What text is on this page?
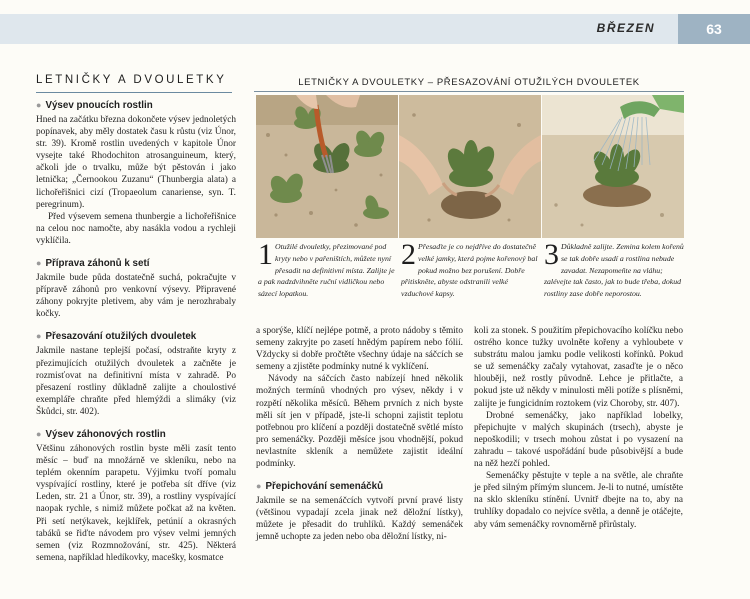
BŘEZEN	63
LETNIČKY A DVOULETKY
● Výsev pnoucích rostlin

Hned na začátku března dokončete výsev jednoletých popínavek, aby měly dostatek času k růstu (viz Únor, str. 39). Kromě rostlin uvedených v kapitole Únor vysejte také Rhodochiton atrosanguineum, který, ačkoli jde o trvalku, může být pěstován i jako letnička; „Černookou Zuzanu“ (Thunbergia alata) a lichořeřišnici cizí (Tropaeolum canariense, syn. T. peregrinum).

Před výsevem semena thunbergie a lichořeřišnice na celou noc namočte, aby nasákla vodou a rychleji vyklíčila.

● Příprava záhonů k setí

Jakmile bude půda dostatečně suchá, pokračujte v přípravě záhonů pro venkovní výsevy. Připravené záhony pokryjte pletivem, aby vám je nerozhrabaly kočky.

● Přesazování otužilých dvouletek

Jakmile nastane teplejší počasí, odstraňte kryty z přezimujících otužilých dvouletek a začněte je rozmisťovat na definitivní místa v zahradě. Po přesazení rostliny důkladně zalijte a choulostivé exempláře chraňte před hlemýždi a slimáky (viz Škůdci, str. 402).

● Výsev záhonových rostlin

Většinu záhonových rostlin byste měli zasít tento měsíc – buď na množárně ve skleníku, nebo na teplém okenním parapetu. Výjimku tvoří pomalu vyspívající rostliny, které je potřeba sít dříve (viz Leden, str. 21 a Únor, str. 39), a rostliny vyspívající naopak rychle, s nimiž můžete počkat až na květen. Při setí netýkavek, kejklířek, petúnií a okrasných tabáků se řiďte návodem pro výsev velmi jemných semen (viz Rozmnožování, str. 425). Některá semena, například hledíkovky, macešky, kosmatce

LETNIČKY A DVOULETKY – PŘESAZOVÁNÍ OTUŽILÝCH DVOULETEK
1 Otužilé dvouletky, přezimované pod kryty nebo v pařeništích, můžete nyní přesadit na definitivní místa. Zalijte je a pak nadzdvihněte ruční vidličkou nebo sázecí lopatkou.
2 Přesaďte je co nejdříve do dostatečně velké jamky, která pojme kořenový bal pokud možno bez porušení. Dobře přitiskněte, abyste odstranili velké vzduchové kapsy.
3 Důkladně zalijte. Zemina kolem kořenů se tak dobře usadí a rostlina nebude zavadat. Nezapomeňte na vláhu; zalévejte tak často, jak to bude třeba, dokud rostliny zase dobře neporostou.

a sporýše, klíčí nejlépe potmě, a proto nádoby s těmito semeny zakryjte po zasetí hnědým papírem nebo fólií. Vždycky si dobře pročtěte všechny údaje na sáčcích se semeny a zjistěte podmínky nutné k vyklíčení.

Návody na sáčcích často nabízejí hned několik možných termínů vhodných pro výsev, někdy i v rozpětí několika měsíců. Během prvních z nich byste měli sít jen v případě, jste-li schopni zajistit teplotu potřebnou pro klíčení a později dostatečně světlé místo pro semenáčky. Později měsíce jsou vhodnější, pokud nevlastníte skleník a nemůžete zajistit ideální podmínky.

● Přepichování semenáčků

Jakmile se na semenáčcích vytvoří první pravé listy (většinou vypadají zcela jinak než děložní lístky), můžete je přesadit do truhlíků. Každý semenáček jemně uchopte za jeden nebo oba děložní lístky, ni-

koli za stonek. S použitím přepichovacího kolíčku nebo ostrého konce tužky uvolněte kořeny a vyhloubete v substrátu malou jamku podle velikosti kořínků. Pokud se už semenáčky začaly vytahovat, zasaďte je o něco hlouběji, než rostly původně. Lehce je přitlačte, a pokud jste už někdy v minulosti měli potíže s plísněmi, zalijte je fungicidním roztokem (viz Choroby, str. 407).

Drobné semenáčky, jako například lobelky, přepichujte v malých skupinách (trsech), abyste je nepoškodili; v trsech mohou zůstat i po vysazení na zahradu – takové uspořádání bude působivější a bude na něž hezčí pohled.

Semenáčky pěstujte v teple a na světle, ale chraňte je před silným přímým sluncem. Je-li to nutné, umístěte na sklo skleníku stínění. Uvnitř dbejte na to, aby na truhlíky dopadalo co nejvíce světla, a denně je otáčejte, aby vám semenáčky rovnoměrně přirůstaly.
